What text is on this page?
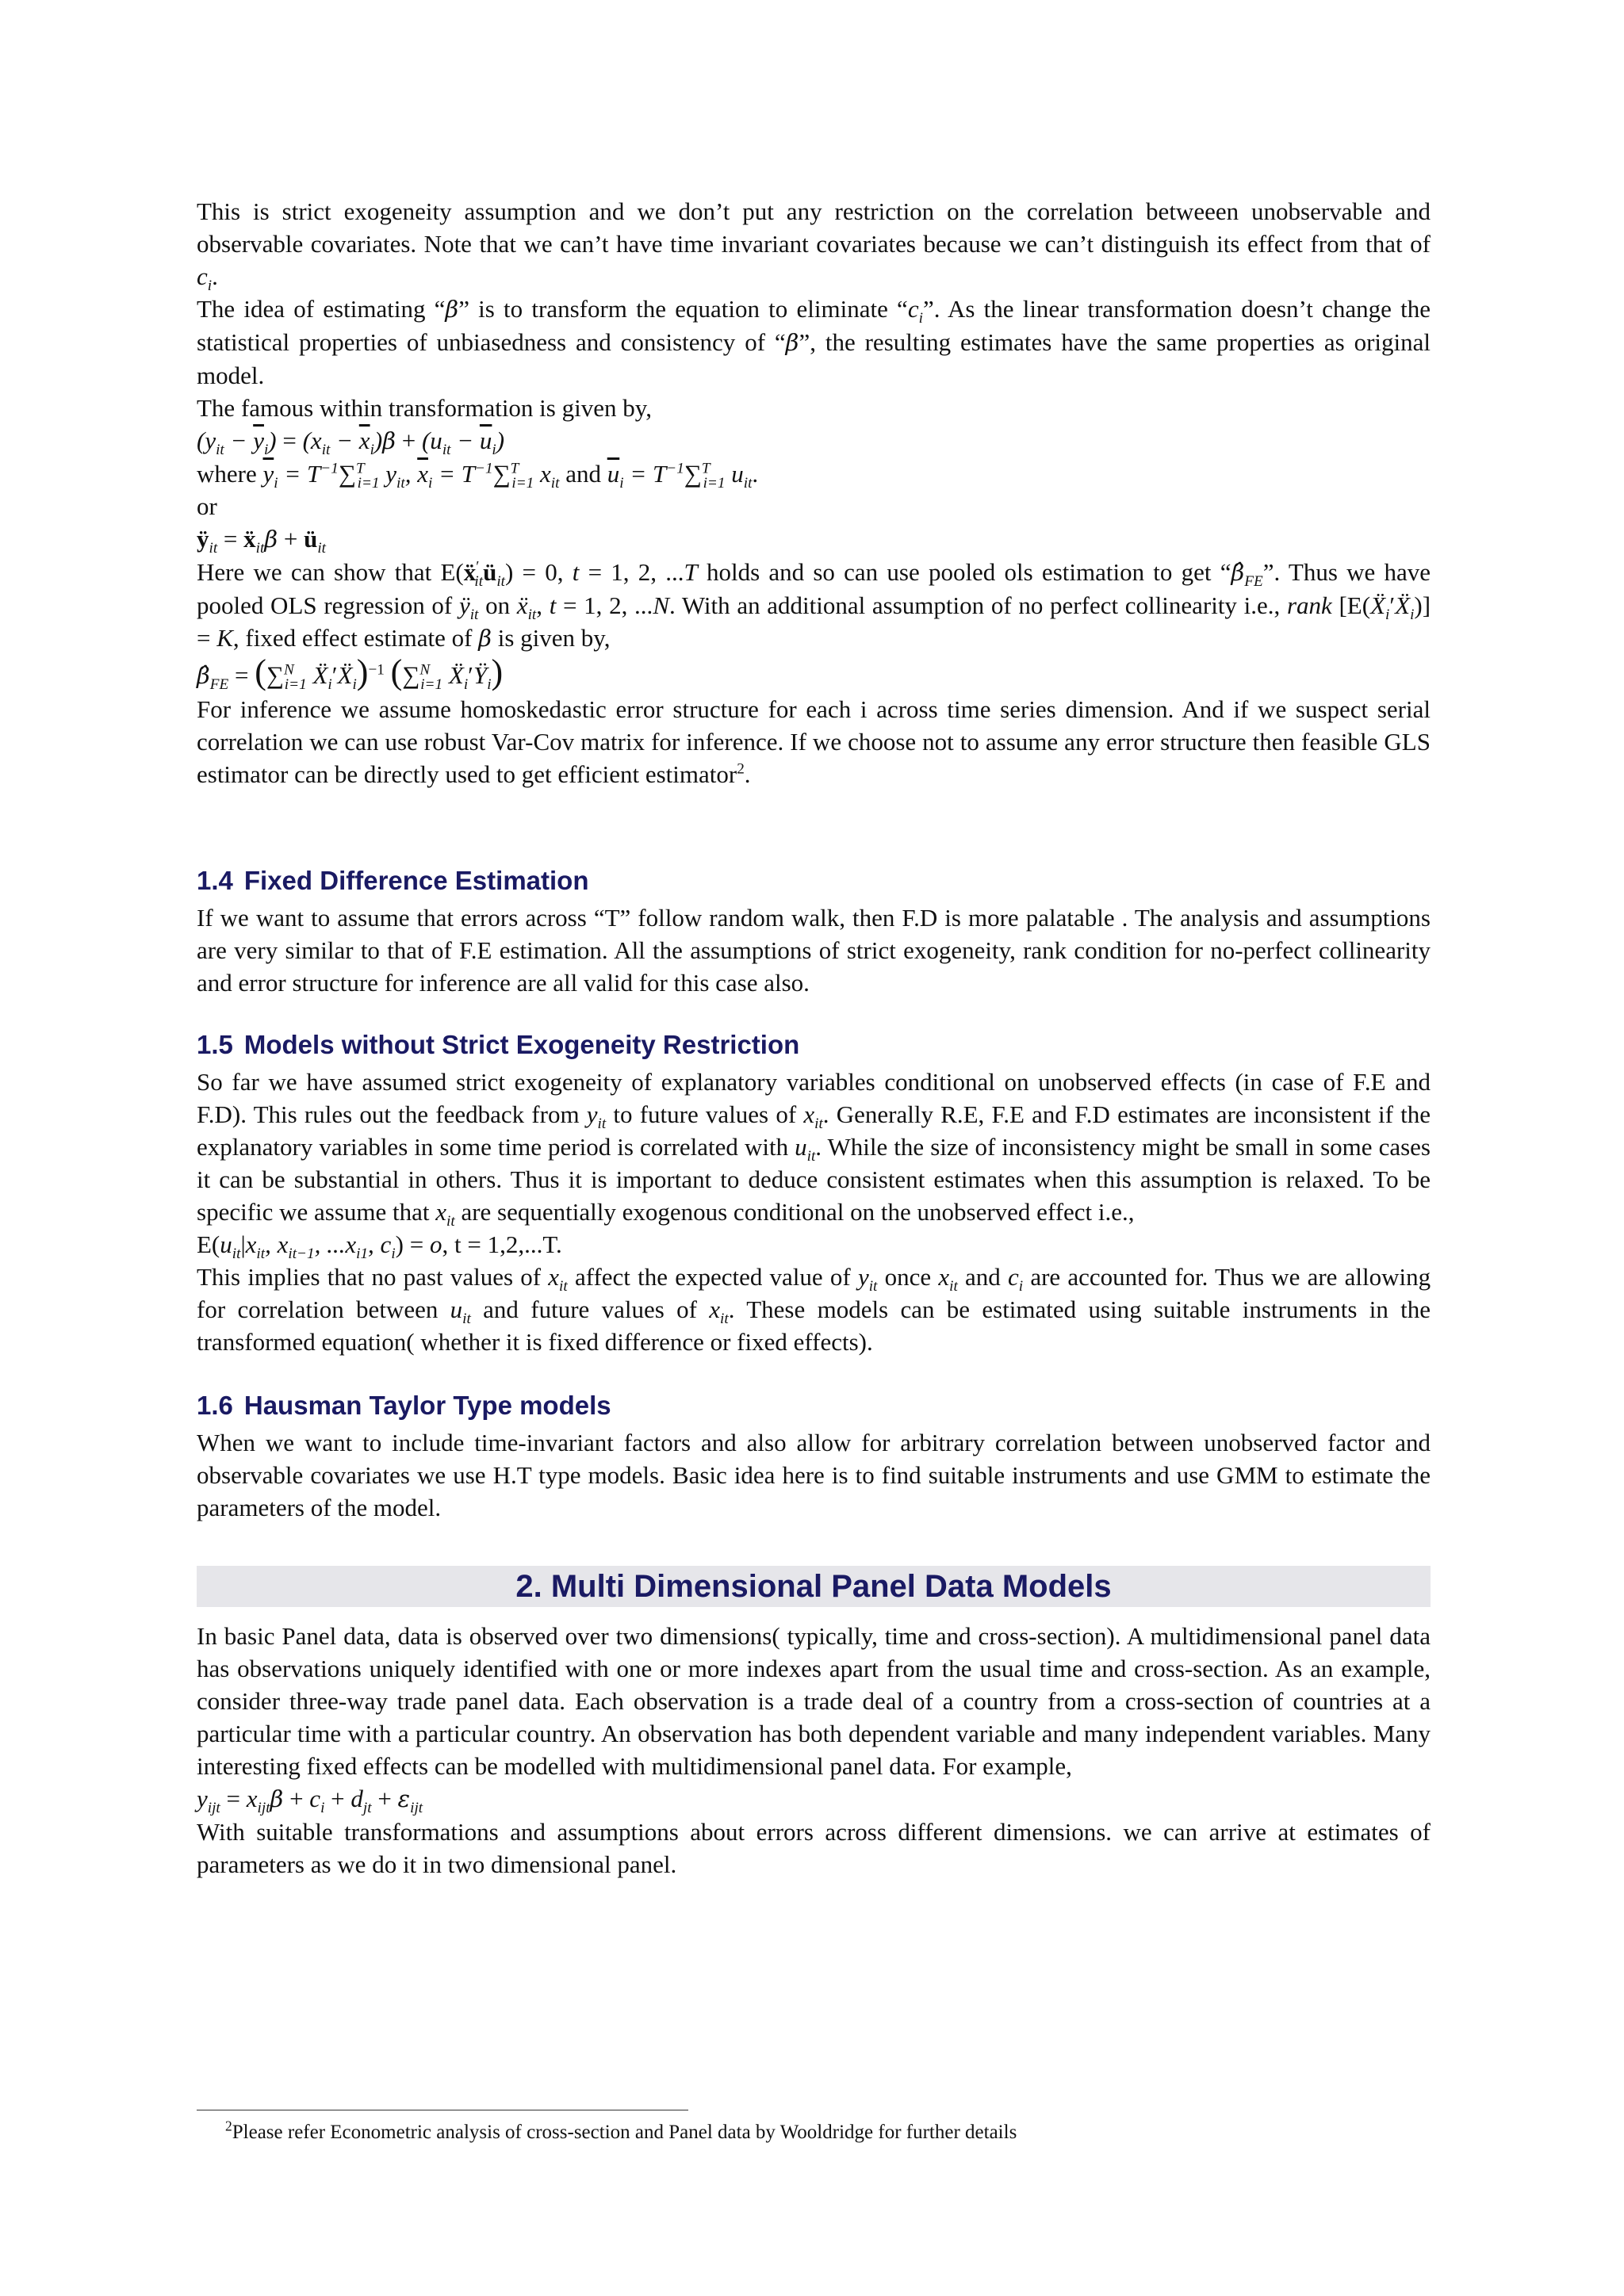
This is strict exogeneity assumption and we don’t put any restriction on the correlation betweeen unobservable and observable covariates. Note that we can’t have time invariant covariates because we can’t distinguish its effect from that of $c_i$.

The idea of estimating “β” is to transform the equation to eliminate “$c_i$”. As the linear transformation doesn’t change the statistical properties of unbiasedness and consistency of “β”, the resulting estimates have the same properties as original model.

The famous within transformation is given by,

$(y_{it} - \overline{y}_i) = (x_{it} - \overline{x}_i)\beta + (u_{it} - \overline{u}_i)$

where $\overline{y}_i = T^{-1}\sum^T_{i=1}$ $y_{it}$, $\overline{x}_i = T^{-1}\sum^T_{i=1}$ $x_{it}$ and $\overline{u}_i = T^{-1}\sum^T_{i=1}$ $u_{it}$.

or

$ÿ_{it}$ = ẍ$_{it}$β + $ü_{it}$

Here we can show that $E(ẍ'_{it}ü_{it}) = 0$, t = 1, 2, ...T holds and so can use pooled ols estimation to get “$\betâ_{FE}$”. Thus we have pooled OLS regression of $ÿ_{it}$ on ẍ$_{it}$, t = 1, 2, ...N. With an additional assumption of no perfect collinearity i.e., rank [E(Ẍ$_i$′Ẍ$_i$)] = K, fixed effect estimate of β is given by,

$\betâ_{FE} = (\sum^N_{i=1}$ Ẍ$_i$′Ẍ$_i$)$^{-1}$ (∑$^N_{i=1}$ $Ẍ_i'Ÿ_i$)

For inference we assume homoskedastic error structure for each i across time series dimension. And if we suspect serial correlation we can use robust Var-Cov matrix for inference. If we choose not to assume any error structure then feasible GLS estimator can be directly used to get efficient estimator$^2$.

1.4 Fixed Difference Estimation

If we want to assume that errors across “T” follow random walk, then F.D is more palatable . The analysis and assumptions are very similar to that of F.E estimation. All the assumptions of strict exogeneity, rank condition for no-perfect collinearity and error structure for inference are all valid for this case also.

1.5 Models without Strict Exogeneity Restriction

So far we have assumed strict exogeneity of explanatory variables conditional on unobserved effects (in case of F.E and F.D). This rules out the feedback from $y_{it}$ to future values of $x_{it}$. Generally R.E, F.E and F.D estimates are inconsistent if the explanatory variables in some time period is correlated with $u_{it}$. While the size of inconsistency might be small in some cases it can be substantial in others. Thus it is important to deduce consistent estimates when this assumption is relaxed. To be specific we assume that $x_{it}$ are sequentially exogenous conditional on the unobserved effect i.e.,

$E(u_{it}|x_{it}$, $x_{it-1}$, $...x_{i1}$, $c_i) = o$, t = 1,2,...T.

This implies that no past values of $x_{it}$ affect the expected value of $y_{it}$ once $x_{it}$ and $c_i$ are accounted for. Thus we are allowing for correlation between $u_{it}$ and future values of $x_{it}$. These models can be estimated using suitable instruments in the transformed equation( whether it is fixed difference or fixed effects).

1.6 Hausman Taylor Type models

When we want to include time-invariant factors and also allow for arbitrary correlation between unobserved factor and observable covariates we use H.T type models. Basic idea here is to find suitable instruments and use GMM to estimate the parameters of the model.

2. Multi Dimensional Panel Data Models

In basic Panel data, data is observed over two dimensions( typically, time and cross-section). A multidimensional panel data has observations uniquely identified with one or more indexes apart from the usual time and cross-section. As an example, consider three-way trade panel data. Each observation is a trade deal of a country from a cross-section of countries at a particular time with a particular country. An observation has both dependent variable and many independent variables. Many interesting fixed effects can be modelled with multidimensional panel data. For example,

$y_{ijt} = x_{ijt}\beta + c_i + d_{jt} + \varepsilon_{ijt}$

With suitable transformations and assumptions about errors across different dimensions. we can arrive at estimates of parameters as we do it in two dimensional panel.

$^2$Please refer Econometric analysis of cross-section and Panel data by Wooldridge for further details
